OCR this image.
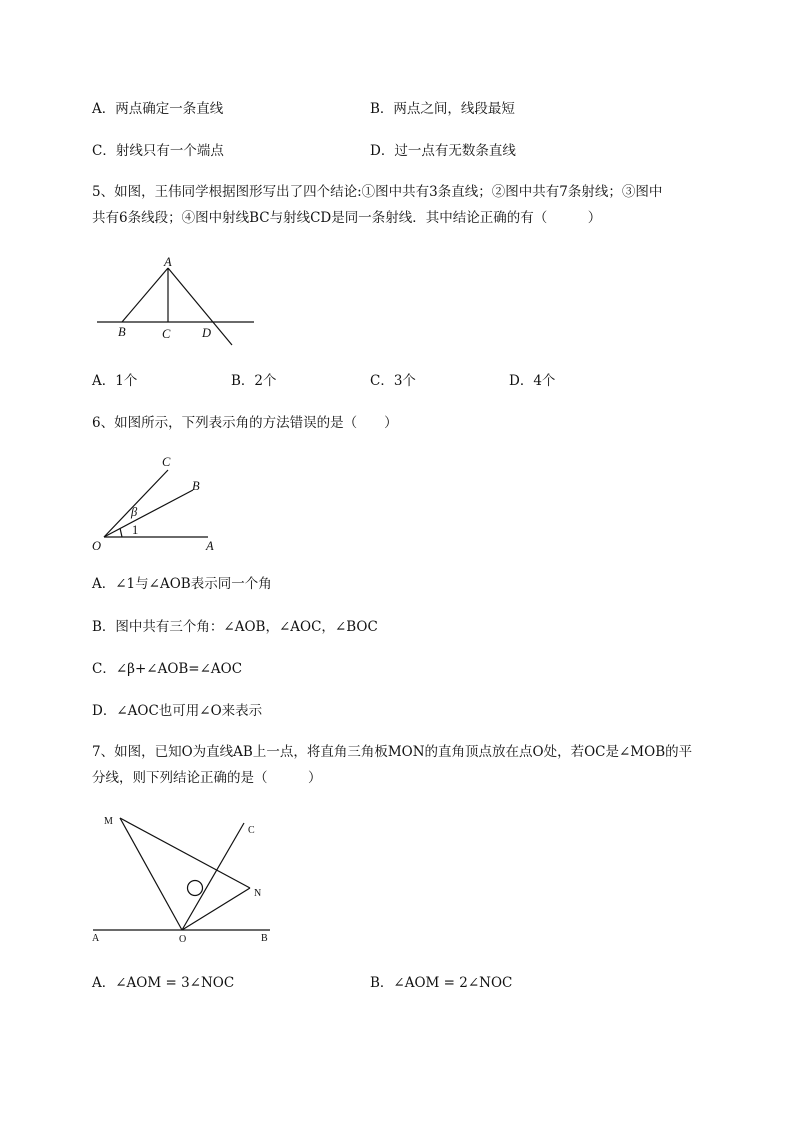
A．两点确定一条直线	B．两点之间，线段最短
C．射线只有一个端点	D．过一点有无数条直线
5、如图，王伟同学根据图形写出了四个结论:①图中共有3条直线；②图中共有7条射线；③图中
共有6条线段；④图中射线BC与射线CD是同一条射线．其中结论正确的有（　　　）
A
B	C	D
A．1个	B．2个	C．3个	D．4个
6、如图所示，下列表示角的方法错误的是（　　）
C
B
O	A
β
1
A．∠1与∠AOB表示同一个角
B．图中共有三个角：∠AOB，∠AOC，∠BOC
C．∠β+∠AOB=∠AOC
D．∠AOC也可用∠O来表示
7、如图，已知O为直线AB上一点，将直角三角板MON的直角顶点放在点O处，若OC是∠MOB的平
分线，则下列结论正确的是（　　　）
M
C
N
A	O	B
A．∠AOM = 3∠NOC	B．∠AOM = 2∠NOC
